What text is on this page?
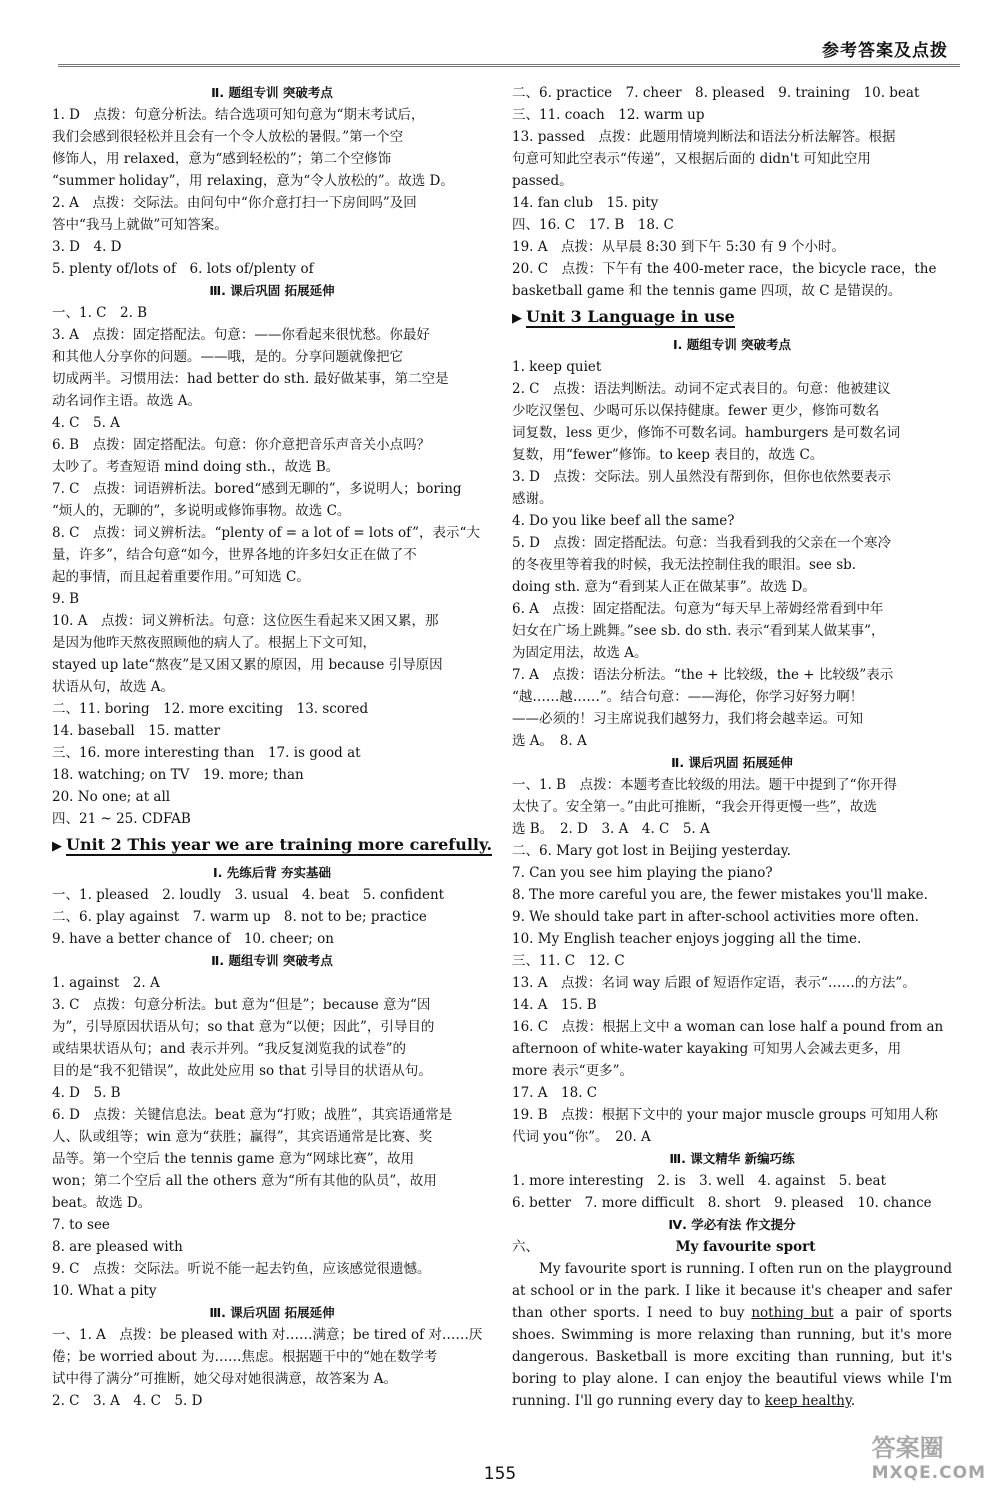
参考答案及点拨
Ⅱ. 题组专训 突破考点
1. D　点拨：句意分析法。结合选项可知句意为“期末考试后，
我们会感到很轻松并且会有一个令人放松的暑假。”第一个空
修饰人，用 relaxed，意为“感到轻松的”；第二个空修饰
“summer holiday”，用 relaxing，意为“令人放松的”。故选 D。
2. A　点拨：交际法。由问句中“你介意打扫一下房间吗”及回
答中“我马上就做”可知答案。
3. D　4. D
5. plenty of/lots of　6. lots of/plenty of
Ⅲ. 课后巩固 拓展延伸
一、1. C　2. B
3. A　点拨：固定搭配法。句意：——你看起来很忧愁。你最好
和其他人分享你的问题。——哦，是的。分享问题就像把它
切成两半。习惯用法：had better do sth. 最好做某事，第二空是
动名词作主语。故选 A。
4. C　5. A
6. B　点拨：固定搭配法。句意：你介意把音乐声音关小点吗？
太吵了。考查短语 mind doing sth.，故选 B。
7. C　点拨：词语辨析法。bored“感到无聊的”，多说明人；boring
“烦人的，无聊的”，多说明或修饰事物。故选 C。
8. C　点拨：词义辨析法。“plenty of = a lot of = lots of”，表示“大
量，许多”，结合句意“如今，世界各地的许多妇女正在做了不
起的事情，而且起着重要作用。”可知选 C。
9. B
10. A　点拨：词义辨析法。句意：这位医生看起来又困又累，那
是因为他昨天熬夜照顾他的病人了。根据上下文可知，
stayed up late“熬夜”是又困又累的原因，用 because 引导原因
状语从句，故选 A。
二、11. boring　12. more exciting　13. scored
14. baseball　15. matter
三、16. more interesting than　17. is good at
18. watching; on TV　19. more; than
20. No one; at all
四、21 ~ 25. CDFAB
▶ Unit 2 This year we are training more carefully.
Ⅰ. 先练后背 夯实基础
一、1. pleased　2. loudly　3. usual　4. beat　5. confident
二、6. play against　7. warm up　8. not to be; practice
9. have a better chance of　10. cheer; on
Ⅱ. 题组专训 突破考点
1. against　2. A
3. C　点拨：句意分析法。but 意为“但是”；because 意为“因
为”，引导原因状语从句；so that 意为“以便；因此”，引导目的
或结果状语从句；and 表示并列。“我反复浏览我的试卷”的
目的是“我不犯错误”，故此处应用 so that 引导目的状语从句。
4. D　5. B
6. D　点拨：关键信息法。beat 意为“打败；战胜”，其宾语通常是
人、队或组等；win 意为“获胜；赢得”，其宾语通常是比赛、奖
品等。第一个空后 the tennis game 意为“网球比赛”，故用
won；第二个空后 all the others 意为“所有其他的队员”，故用
beat。故选 D。
7. to see
8. are pleased with
9. C　点拨：交际法。听说不能一起去钓鱼，应该感觉很遗憾。
10. What a pity
Ⅲ. 课后巩固 拓展延伸
一、1. A　点拨：be pleased with 对……满意；be tired of 对……厌
倦；be worried about 为……焦虑。根据题干中的“她在数学考
试中得了满分”可推断，她父母对她很满意，故答案为 A。
2. C　3. A　4. C　5. D
二、6. practice　7. cheer　8. pleased　9. training　10. beat
三、11. coach　12. warm up
13. passed　点拨：此题用情境判断法和语法分析法解答。根据
句意可知此空表示“传递”，又根据后面的 didn't 可知此空用
passed。
14. fan club　15. pity
四、16. C　17. B　18. C
19. A　点拨：从早晨 8:30 到下午 5:30 有 9 个小时。
20. C　点拨：下午有 the 400-meter race，the bicycle race，the
basketball game 和 the tennis game 四项，故 C 是错误的。
▶ Unit 3 Language in use
Ⅰ. 题组专训 突破考点
1. keep quiet
2. C　点拨：语法判断法。动词不定式表目的。句意：他被建议
少吃汉堡包、少喝可乐以保持健康。fewer 更少，修饰可数名
词复数，less 更少，修饰不可数名词。hamburgers 是可数名词
复数，用“fewer”修饰。to keep 表目的，故选 C。
3. D　点拨：交际法。别人虽然没有帮到你，但你也依然要表示
感谢。
4. Do you like beef all the same?
5. D　点拨：固定搭配法。句意：当我看到我的父亲在一个寒冷
的冬夜里等着我的时候，我无法控制住我的眼泪。see sb.
doing sth. 意为“看到某人正在做某事”。故选 D。
6. A　点拨：固定搭配法。句意为“每天早上蒂姆经常看到中年
妇女在广场上跳舞。”see sb. do sth. 表示“看到某人做某事”，
为固定用法，故选 A。
7. A　点拨：语法分析法。“the + 比较级，the + 比较级”表示
“越……越……”。结合句意：——海伦，你学习好努力啊！
——必须的！习主席说我们越努力，我们将会越幸运。可知
选 A。　8. A
Ⅱ. 课后巩固 拓展延伸
一、1. B　点拨：本题考查比较级的用法。题干中提到了“你开得
太快了。安全第一。”由此可推断，“我会开得更慢一些”，故选
选 B。　2. D　3. A　4. C　5. A
二、6. Mary got lost in Beijing yesterday.
7. Can you see him playing the piano?
8. The more careful you are, the fewer mistakes you'll make.
9. We should take part in after-school activities more often.
10. My English teacher enjoys jogging all the time.
三、11. C　12. C
13. A　点拨：名词 way 后跟 of 短语作定语，表示“……的方法”。
14. A　15. B
16. C　点拨：根据上文中 a woman can lose half a pound from an
afternoon of white-water kayaking 可知男人会减去更多，用
more 表示“更多”。
17. A　18. C
19. B　点拨：根据下文中的 your major muscle groups 可知用人称
代词 you“你”。　20. A
Ⅲ. 课文精华 新编巧练
1. more interesting　2. is　3. well　4. against　5. beat
6. better　7. more difficult　8. short　9. pleased　10. chance
Ⅳ. 学必有法 作文提分
六、	My favourite sport

My favourite sport is running. I often run on the playground at school or in the park. I like it because it's cheaper and safer than other sports. I need to buy nothing but a pair of sports shoes. Swimming is more relaxing than running, but it's more dangerous. Basketball is more exciting than running, but it's boring to play alone. I can enjoy the beautiful views while I'm running. I'll go running every day to keep healthy.

155
答案圈
MXQE.COM
